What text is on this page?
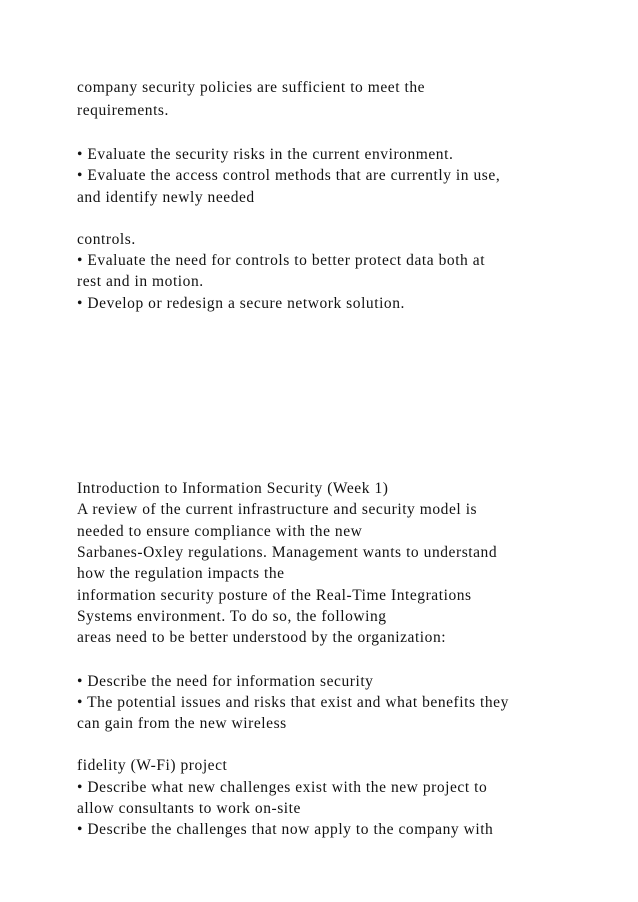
company security policies are sufficient to meet the

requirements.

• Evaluate the security risks in the current environment.

• Evaluate the access control methods that are currently in use,

and identify newly needed

controls.

• Evaluate the need for controls to better protect data both at

rest and in motion.

• Develop or redesign a secure network solution.

Introduction to Information Security (Week 1)

A review of the current infrastructure and security model is

needed to ensure compliance with the new

Sarbanes-Oxley regulations. Management wants to understand

how the regulation impacts the

information security posture of the Real-Time Integrations

Systems environment. To do so, the following

areas need to be better understood by the organization:

• Describe the need for information security

• The potential issues and risks that exist and what benefits they

can gain from the new wireless

fidelity (W-Fi) project

• Describe what new challenges exist with the new project to

allow consultants to work on-site

• Describe the challenges that now apply to the company with
